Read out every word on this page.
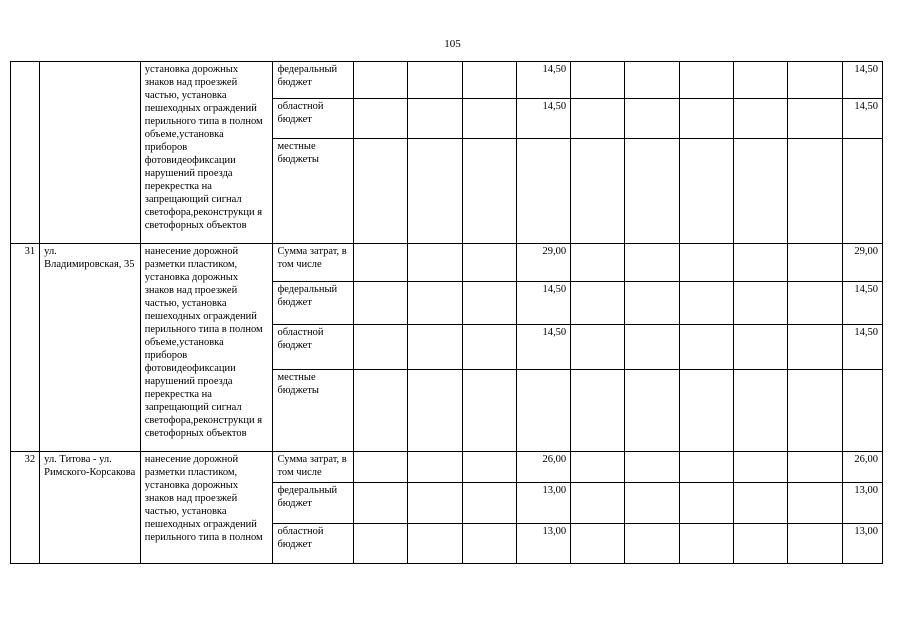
105
		установка дорожных знаков над проезжей частью, установка пешеходных ограждений перильного типа в полном объеме,установка приборов фотовидеофиксации нарушений проезда перекрестка на запрещающий сигнал светофора,реконструкци я светофорных объектов	федеральный бюджет				14,50						14,50
			областной бюджет				14,50						14,50
			местные бюджеты										
31	ул. Владимировская, 35	нанесение дорожной разметки пластиком, установка дорожных знаков над проезжей частью, установка пешеходных ограждений перильного типа в полном объеме,установка приборов фотовидеофиксации нарушений проезда перекрестка на запрещающий сигнал светофора,реконструкци я светофорных объектов	Сумма затрат, в том числе				29,00						29,00
			федеральный бюджет				14,50						14,50
			областной бюджет				14,50						14,50
			местные бюджеты										
32	ул. Титова - ул. Римского-Корсакова	нанесение дорожной разметки пластиком, установка дорожных знаков над проезжей частью, установка пешеходных ограждений перильного типа в полном	Сумма затрат, в том числе				26,00						26,00
			федеральный бюджет				13,00						13,00
			областной бюджет				13,00						13,00
